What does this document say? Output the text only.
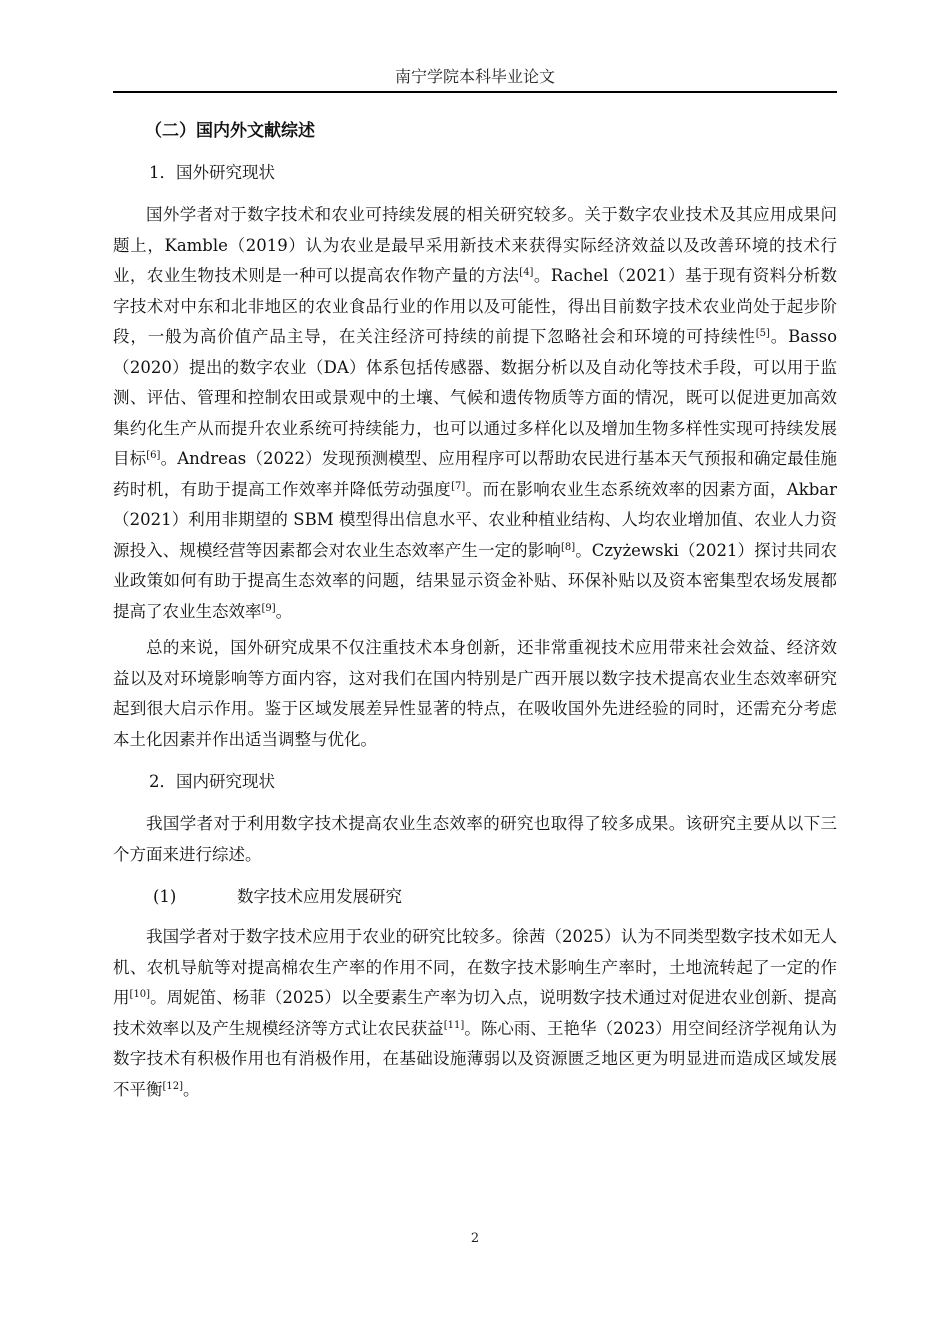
南宁学院本科毕业论文
（二）国内外文献综述
1．国外研究现状

国外学者对于数字技术和农业可持续发展的相关研究较多。关于数字农业技术及其应用成果问题上，Kamble（2019）认为农业是最早采用新技术来获得实际经济效益以及改善环境的技术行业，农业生物技术则是一种可以提高农作物产量的方法[4]。Rachel（2021）基于现有资料分析数字技术对中东和北非地区的农业食品行业的作用以及可能性，得出目前数字技术农业尚处于起步阶段，一般为高价值产品主导，在关注经济可持续的前提下忽略社会和环境的可持续性[5]。Basso（2020）提出的数字农业（DA）体系包括传感器、数据分析以及自动化等技术手段，可以用于监测、评估、管理和控制农田或景观中的土壤、气候和遗传物质等方面的情况，既可以促进更加高效集约化生产从而提升农业系统可持续能力，也可以通过多样化以及增加生物多样性实现可持续发展目标[6]。Andreas（2022）发现预测模型、应用程序可以帮助农民进行基本天气预报和确定最佳施药时机，有助于提高工作效率并降低劳动强度[7]。而在影响农业生态系统效率的因素方面，Akbar（2021）利用非期望的 SBM 模型得出信息水平、农业种植业结构、人均农业增加值、农业人力资源投入、规模经营等因素都会对农业生态效率产生一定的影响[8]。Czyżewski（2021）探讨共同农业政策如何有助于提高生态效率的问题，结果显示资金补贴、环保补贴以及资本密集型农场发展都提高了农业生态效率[9]。

总的来说，国外研究成果不仅注重技术本身创新，还非常重视技术应用带来社会效益、经济效益以及对环境影响等方面内容，这对我们在国内特别是广西开展以数字技术提高农业生态效率研究起到很大启示作用。鉴于区域发展差异性显著的特点，在吸收国外先进经验的同时，还需充分考虑本土化因素并作出适当调整与优化。

2．国内研究现状

我国学者对于利用数字技术提高农业生态效率的研究也取得了较多成果。该研究主要从以下三个方面来进行综述。

(1)	数字技术应用发展研究

我国学者对于数字技术应用于农业的研究比较多。徐茜（2025）认为不同类型数字技术如无人机、农机导航等对提高棉农生产率的作用不同，在数字技术影响生产率时，土地流转起了一定的作用[10]。周妮笛、杨菲（2025）以全要素生产率为切入点，说明数字技术通过对促进农业创新、提高技术效率以及产生规模经济等方式让农民获益[11]。陈心雨、王艳华（2023）用空间经济学视角认为数字技术有积极作用也有消极作用，在基础设施薄弱以及资源匮乏地区更为明显进而造成区域发展不平衡[12]。

2
